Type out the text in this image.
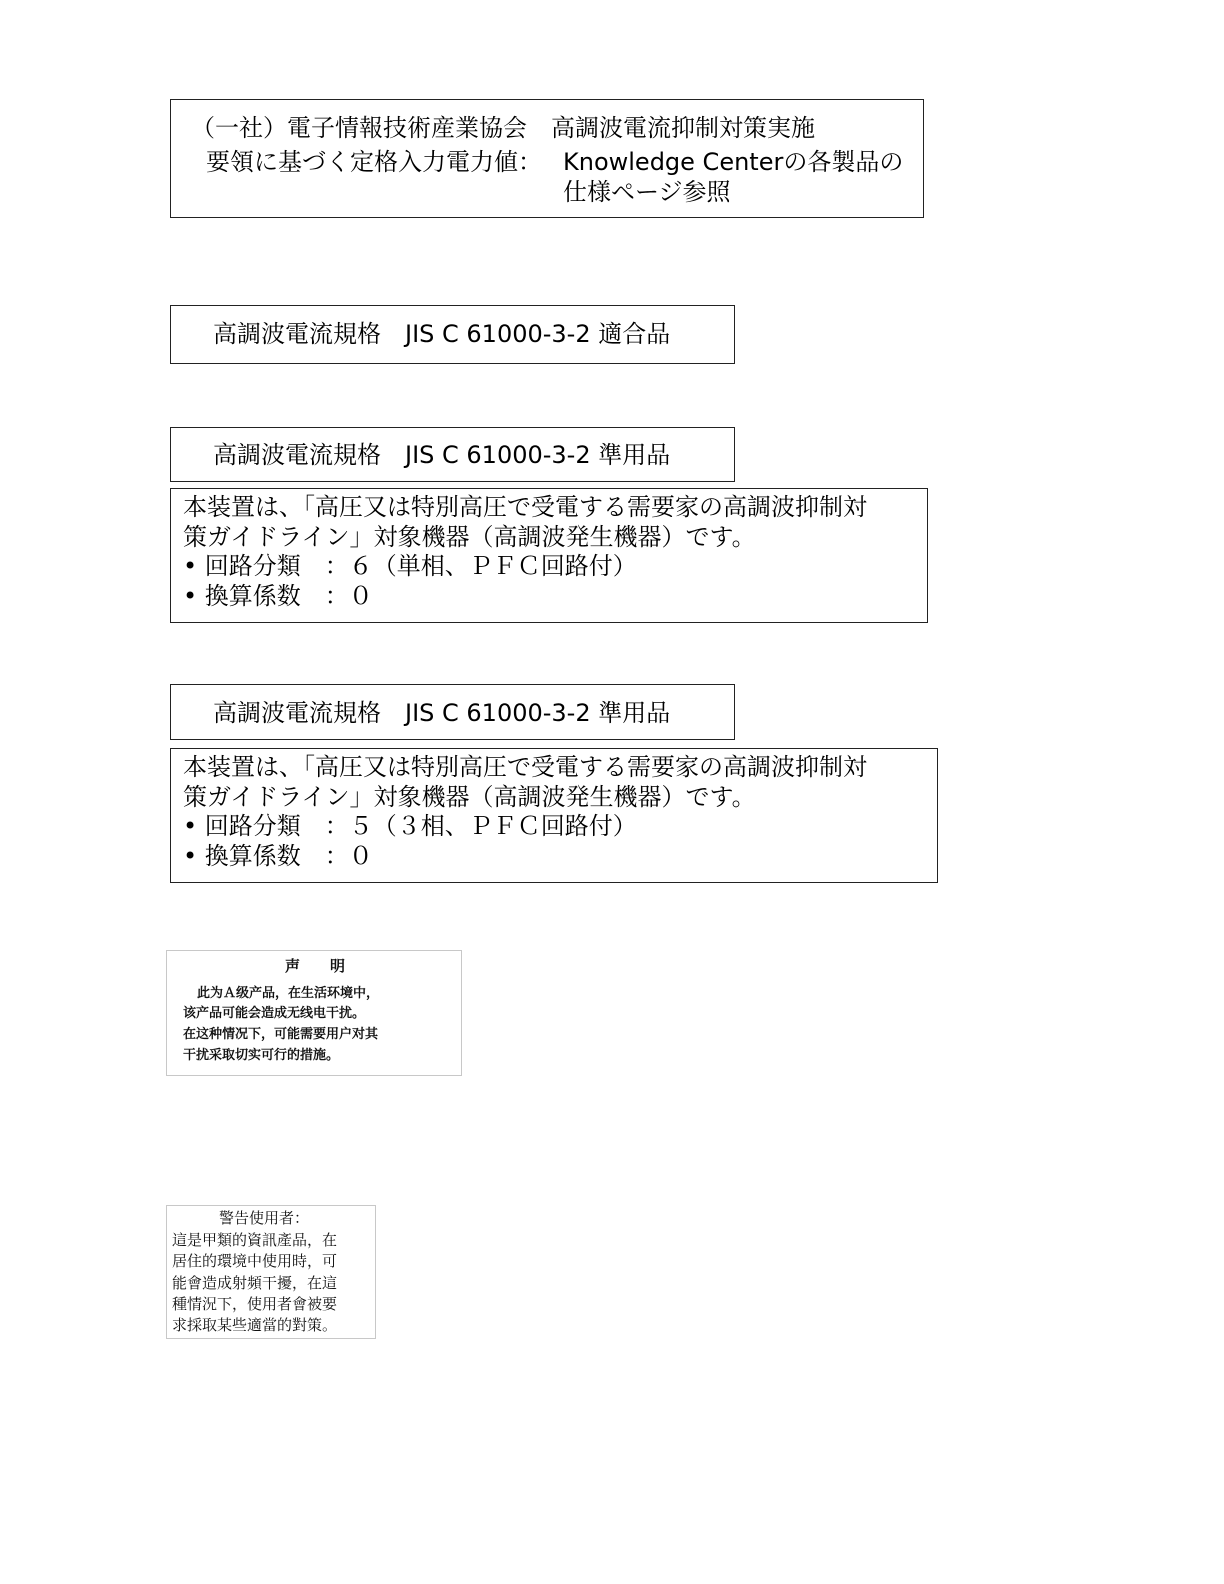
（一社）電子情報技術産業協会　高調波電流抑制対策実施
要領に基づく定格入力電力値： Knowledge Centerの各製品の
仕様ページ参照
高調波電流規格　JIS C 61000-3-2 適合品
高調波電流規格　JIS C 61000-3-2 準用品
本装置は、「高圧又は特別高圧で受電する需要家の高調波抑制対
策ガイドライン」対象機器（高調波発生機器）です。
• 回路分類　：６（単相、ＰＦＣ回路付）
• 換算係数　：０
高調波電流規格　JIS C 61000-3-2 準用品
本装置は、「高圧又は特別高圧で受電する需要家の高調波抑制対
策ガイドライン」対象機器（高調波発生機器）です。
• 回路分類　：５（３相、ＰＦＣ回路付）
• 換算係数　：０
声　　明
此为Ａ级产品，在生活环境中，
该产品可能会造成无线电干扰。
在这种情况下，可能需要用户对其
干扰采取切实可行的措施。
警告使用者：
這是甲類的資訊產品，在
居住的環境中使用時，可
能會造成射頻干擾，在這
種情況下，使用者會被要
求採取某些適當的對策。
